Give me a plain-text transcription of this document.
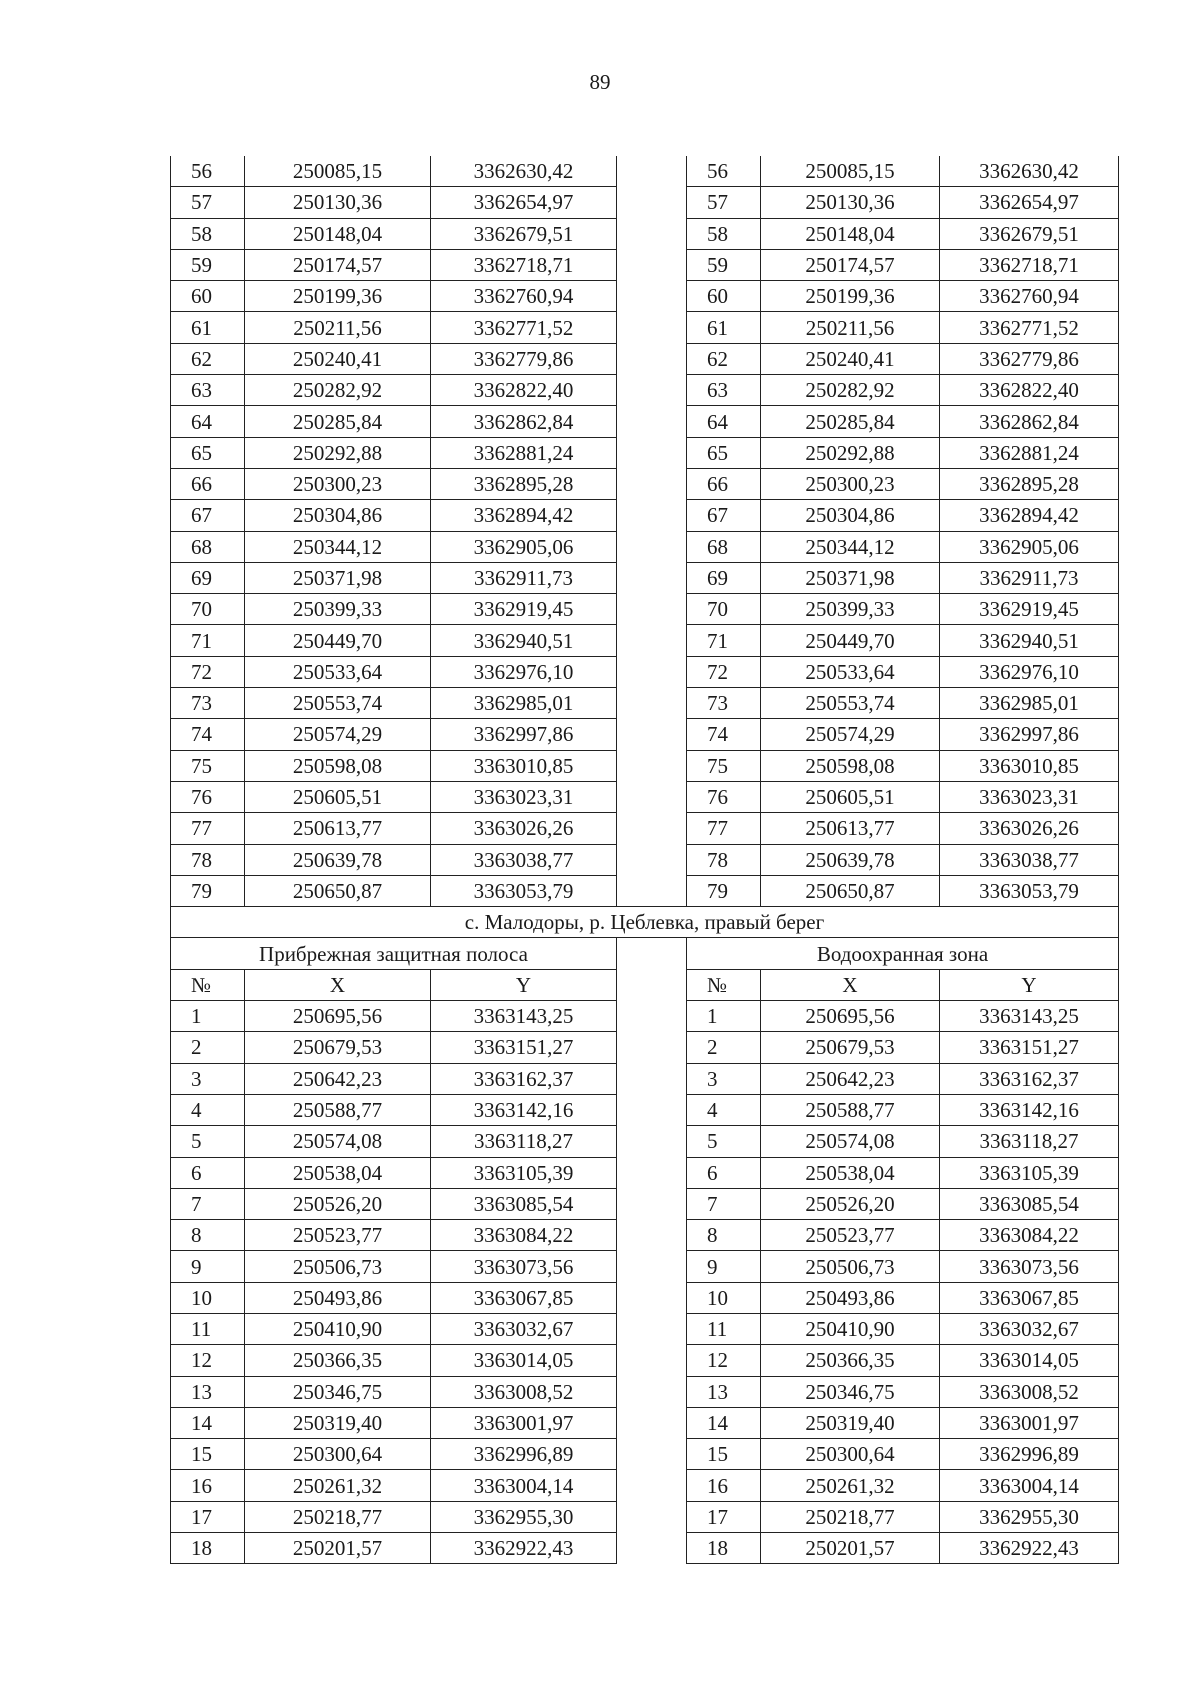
89
56	250085,15	3362630,42		56	250085,15	3362630,42
57	250130,36	3362654,97		57	250130,36	3362654,97
58	250148,04	3362679,51		58	250148,04	3362679,51
59	250174,57	3362718,71		59	250174,57	3362718,71
60	250199,36	3362760,94		60	250199,36	3362760,94
61	250211,56	3362771,52		61	250211,56	3362771,52
62	250240,41	3362779,86		62	250240,41	3362779,86
63	250282,92	3362822,40		63	250282,92	3362822,40
64	250285,84	3362862,84		64	250285,84	3362862,84
65	250292,88	3362881,24		65	250292,88	3362881,24
66	250300,23	3362895,28		66	250300,23	3362895,28
67	250304,86	3362894,42		67	250304,86	3362894,42
68	250344,12	3362905,06		68	250344,12	3362905,06
69	250371,98	3362911,73		69	250371,98	3362911,73
70	250399,33	3362919,45		70	250399,33	3362919,45
71	250449,70	3362940,51		71	250449,70	3362940,51
72	250533,64	3362976,10		72	250533,64	3362976,10
73	250553,74	3362985,01		73	250553,74	3362985,01
74	250574,29	3362997,86		74	250574,29	3362997,86
75	250598,08	3363010,85		75	250598,08	3363010,85
76	250605,51	3363023,31		76	250605,51	3363023,31
77	250613,77	3363026,26		77	250613,77	3363026,26
78	250639,78	3363038,77		78	250639,78	3363038,77
79	250650,87	3363053,79		79	250650,87	3363053,79
с. Малодоры, р. Цеблевка, правый берег						
Прибрежная защитная полоса				Водоохранная зона		
№	X	Y		№	X	Y
1	250695,56	3363143,25		1	250695,56	3363143,25
2	250679,53	3363151,27		2	250679,53	3363151,27
3	250642,23	3363162,37		3	250642,23	3363162,37
4	250588,77	3363142,16		4	250588,77	3363142,16
5	250574,08	3363118,27		5	250574,08	3363118,27
6	250538,04	3363105,39		6	250538,04	3363105,39
7	250526,20	3363085,54		7	250526,20	3363085,54
8	250523,77	3363084,22		8	250523,77	3363084,22
9	250506,73	3363073,56		9	250506,73	3363073,56
10	250493,86	3363067,85		10	250493,86	3363067,85
11	250410,90	3363032,67		11	250410,90	3363032,67
12	250366,35	3363014,05		12	250366,35	3363014,05
13	250346,75	3363008,52		13	250346,75	3363008,52
14	250319,40	3363001,97		14	250319,40	3363001,97
15	250300,64	3362996,89		15	250300,64	3362996,89
16	250261,32	3363004,14		16	250261,32	3363004,14
17	250218,77	3362955,30		17	250218,77	3362955,30
18	250201,57	3362922,43		18	250201,57	3362922,43
